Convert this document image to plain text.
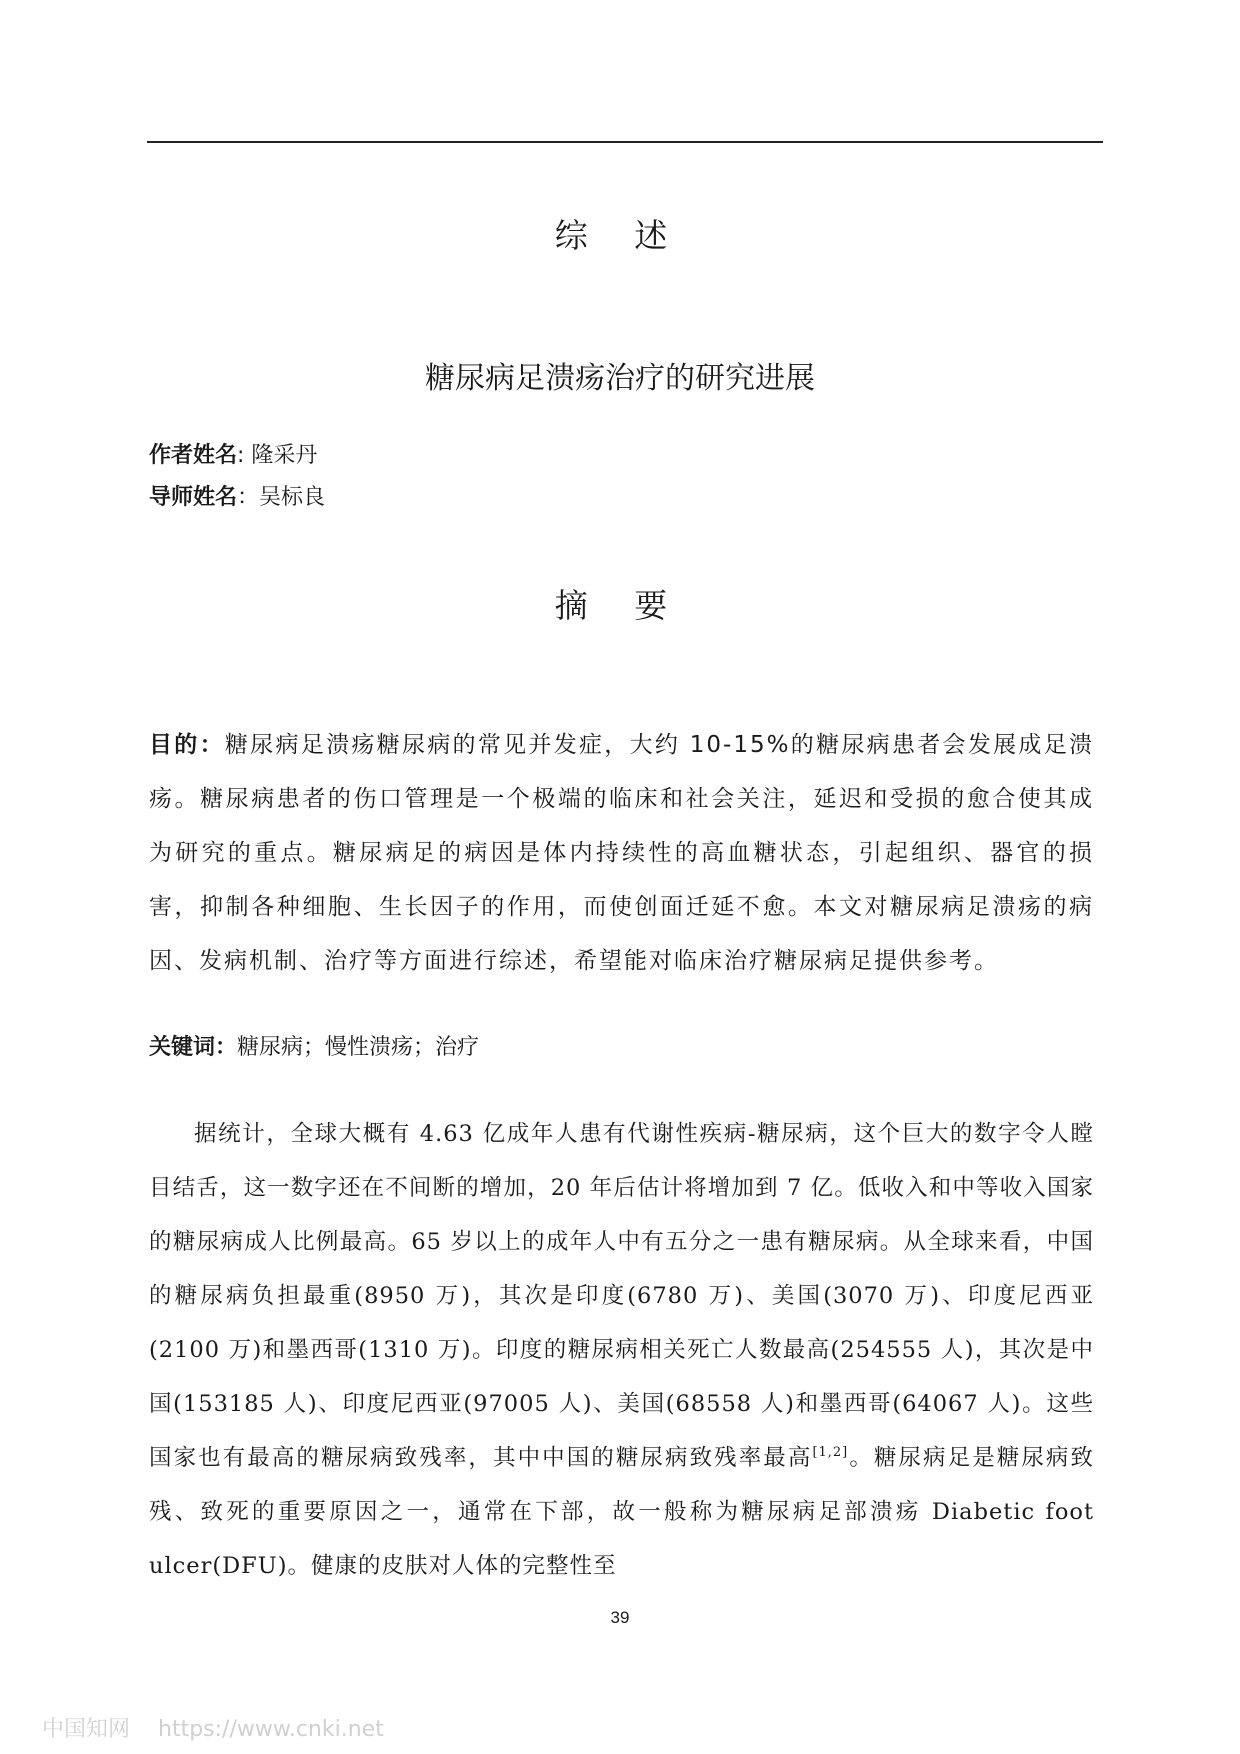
综 述
糖尿病足溃疡治疗的研究进展
作者姓名: 隆采丹
导师姓名：吴标良
摘 要
目的：糖尿病足溃疡糖尿病的常见并发症，大约 10-15%的糖尿病患者会发展成足溃疡。糖尿病患者的伤口管理是一个极端的临床和社会关注，延迟和受损的愈合使其成为研究的重点。糖尿病足的病因是体内持续性的高血糖状态，引起组织、器官的损害，抑制各种细胞、生长因子的作用，而使创面迁延不愈。本文对糖尿病足溃疡的病因、发病机制、治疗等方面进行综述，希望能对临床治疗糖尿病足提供参考。
关键词：糖尿病；慢性溃疡；治疗
据统计，全球大概有 4.63 亿成年人患有代谢性疾病-糖尿病，这个巨大的数字令人瞠目结舌，这一数字还在不间断的增加，20 年后估计将增加到 7 亿。低收入和中等收入国家的糖尿病成人比例最高。65 岁以上的成年人中有五分之一患有糖尿病。从全球来看，中国的糖尿病负担最重(8950 万)，其次是印度(6780 万)、美国(3070 万)、印度尼西亚(2100 万)和墨西哥(1310 万)。印度的糖尿病相关死亡人数最高(254555 人)，其次是中国(153185 人)、印度尼西亚(97005 人)、美国(68558 人)和墨西哥(64067 人)。这些国家也有最高的糖尿病致残率，其中中国的糖尿病致残率最高[1,2]。糖尿病足是糖尿病致残、致死的重要原因之一，通常在下部，故一般称为糖尿病足部溃疡 Diabetic foot ulcer(DFU)。健康的皮肤对人体的完整性至
39
中国知网 https://www.cnki.net
